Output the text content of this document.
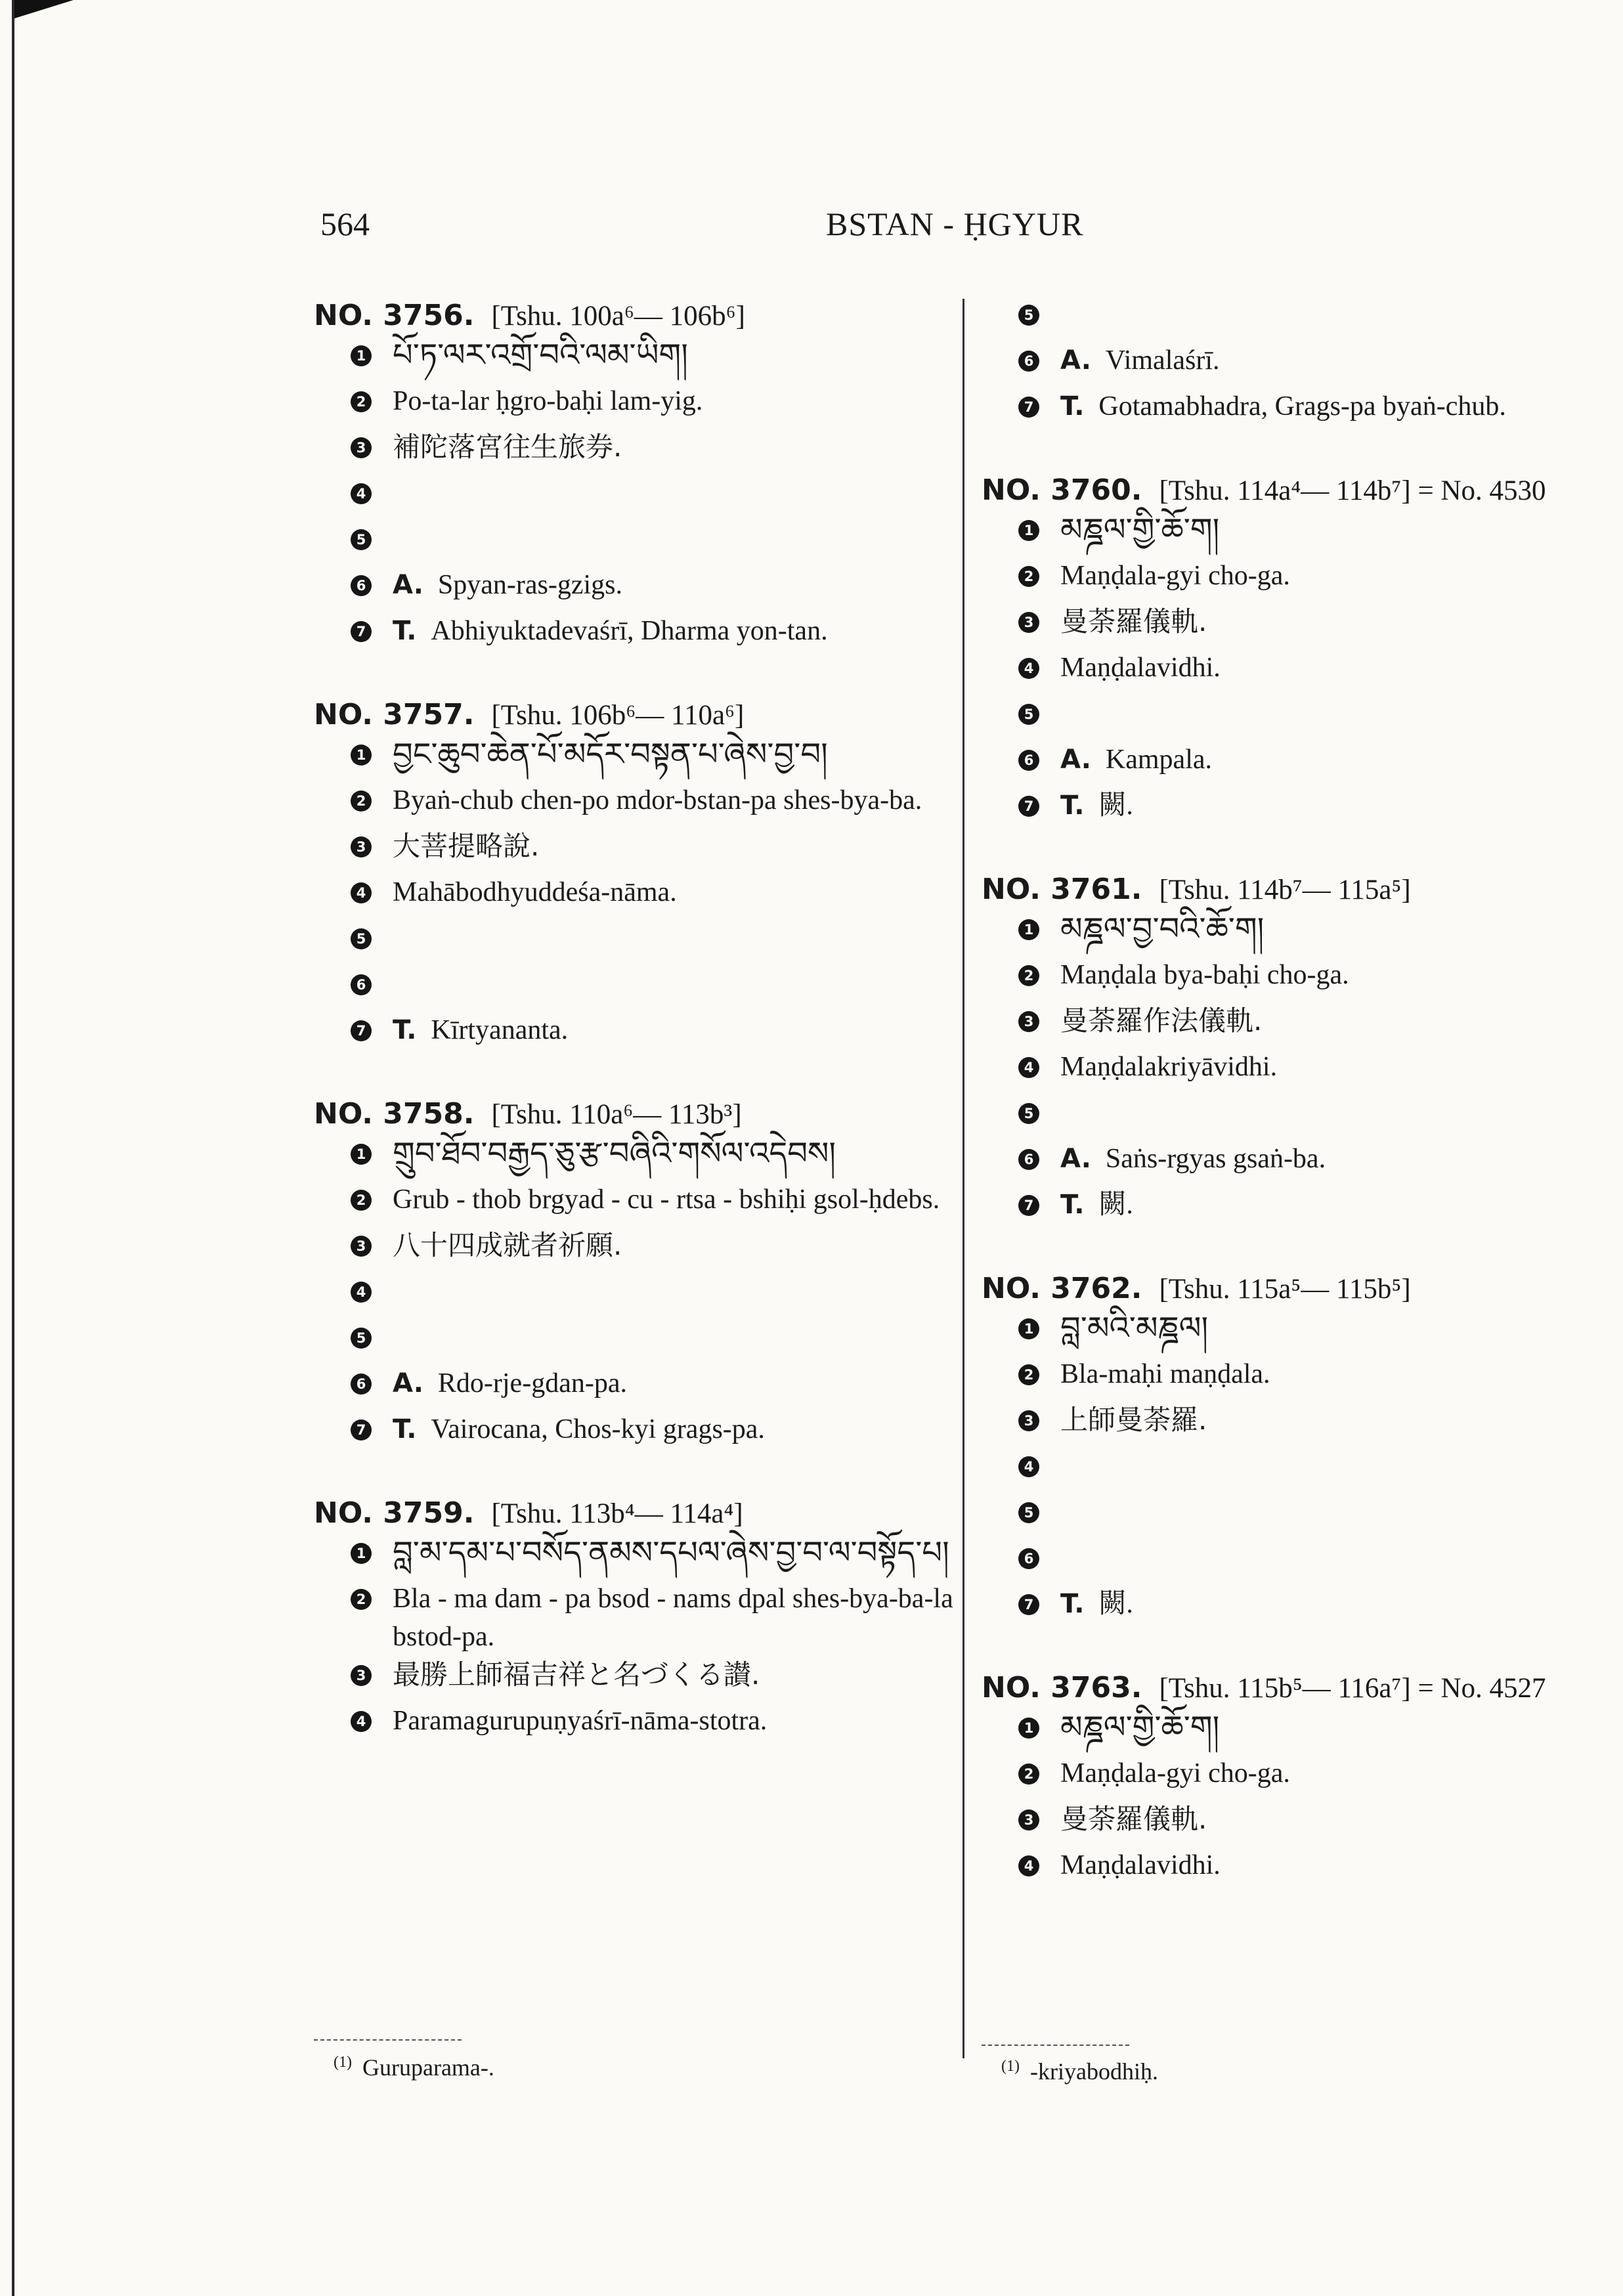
564	BSTAN - ḤGYUR
NO. 3756. [Tshu. 100a⁶— 106b⁶]
1 པོ་ཏ་ལར་འགྲོ་བའི་ལམ་ཡིག།
2 Po-ta-lar ḥgro-baḥi lam-yig.
3 補陀落宮往生旅券.
4
5
6 A. Spyan-ras-gzigs.
7 T. Abhiyuktadevaśrī, Dharma yon-tan.
NO. 3757. [Tshu. 106b⁶— 110a⁶]
1 བྱང་ཆུབ་ཆེན་པོ་མདོར་བསྟན་པ་ཞེས་བྱ་བ།
2 Byaṅ-chub chen-po mdor-bstan-pa shes-bya-ba.
3 大菩提略說.
4 Mahābodhyuddeśa-nāma.
5
6
7 T. Kīrtyananta.
NO. 3758. [Tshu. 110a⁶— 113b³]
1 གྲུབ་ཐོབ་བརྒྱད་ཅུ་རྩ་བཞིའི་གསོལ་འདེབས།
2 Grub - thob brgyad - cu - rtsa - bshiḥi gsol-ḥdebs.
3 八十四成就者祈願.
4
5
6 A. Rdo-rje-gdan-pa.
7 T. Vairocana, Chos-kyi grags-pa.
NO. 3759. [Tshu. 113b⁴— 114a⁴]
1 བླ་མ་དམ་པ་བསོད་ནམས་དཔལ་ཞེས་བྱ་བ་ལ་བསྟོད་པ།
2 Bla - ma dam - pa bsod - nams dpal shes-bya-ba-la bstod-pa.
3 最勝上師福吉祥と名づくる讃.
4 Paramagurupuṇyaśrī-nāma-stotra.
5
6 A. Vimalaśrī.
7 T. Gotamabhadra, Grags-pa byaṅ-chub.
NO. 3760. [Tshu. 114a⁴— 114b⁷] = No. 4530
1 མཎྜལ་གྱི་ཆོ་ག།
2 Maṇḍala-gyi cho-ga.
3 曼荼羅儀軌.
4 Maṇḍalavidhi.
5
6 A. Kampala.
7 T. 闕.
NO. 3761. [Tshu. 114b⁷— 115a⁵]
1 མཎྜལ་བྱ་བའི་ཆོ་ག།
2 Maṇḍala bya-baḥi cho-ga.
3 曼荼羅作法儀軌.
4 Maṇḍalakriyāvidhi.
5
6 A. Saṅs-rgyas gsaṅ-ba.
7 T. 闕.
NO. 3762. [Tshu. 115a⁵— 115b⁵]
1 བླ་མའི་མཎྜལ།
2 Bla-maḥi maṇḍala.
3 上師曼荼羅.
4
5
6
7 T. 闕.
NO. 3763. [Tshu. 115b⁵— 116a⁷] = No. 4527
1 མཎྜལ་གྱི་ཆོ་ག།
2 Maṇḍala-gyi cho-ga.
3 曼荼羅儀軌.
4 Maṇḍalavidhi.
$^{(1)}$ Guruparama-.	$^{(1)}$ -kriyabodhiḥ.
